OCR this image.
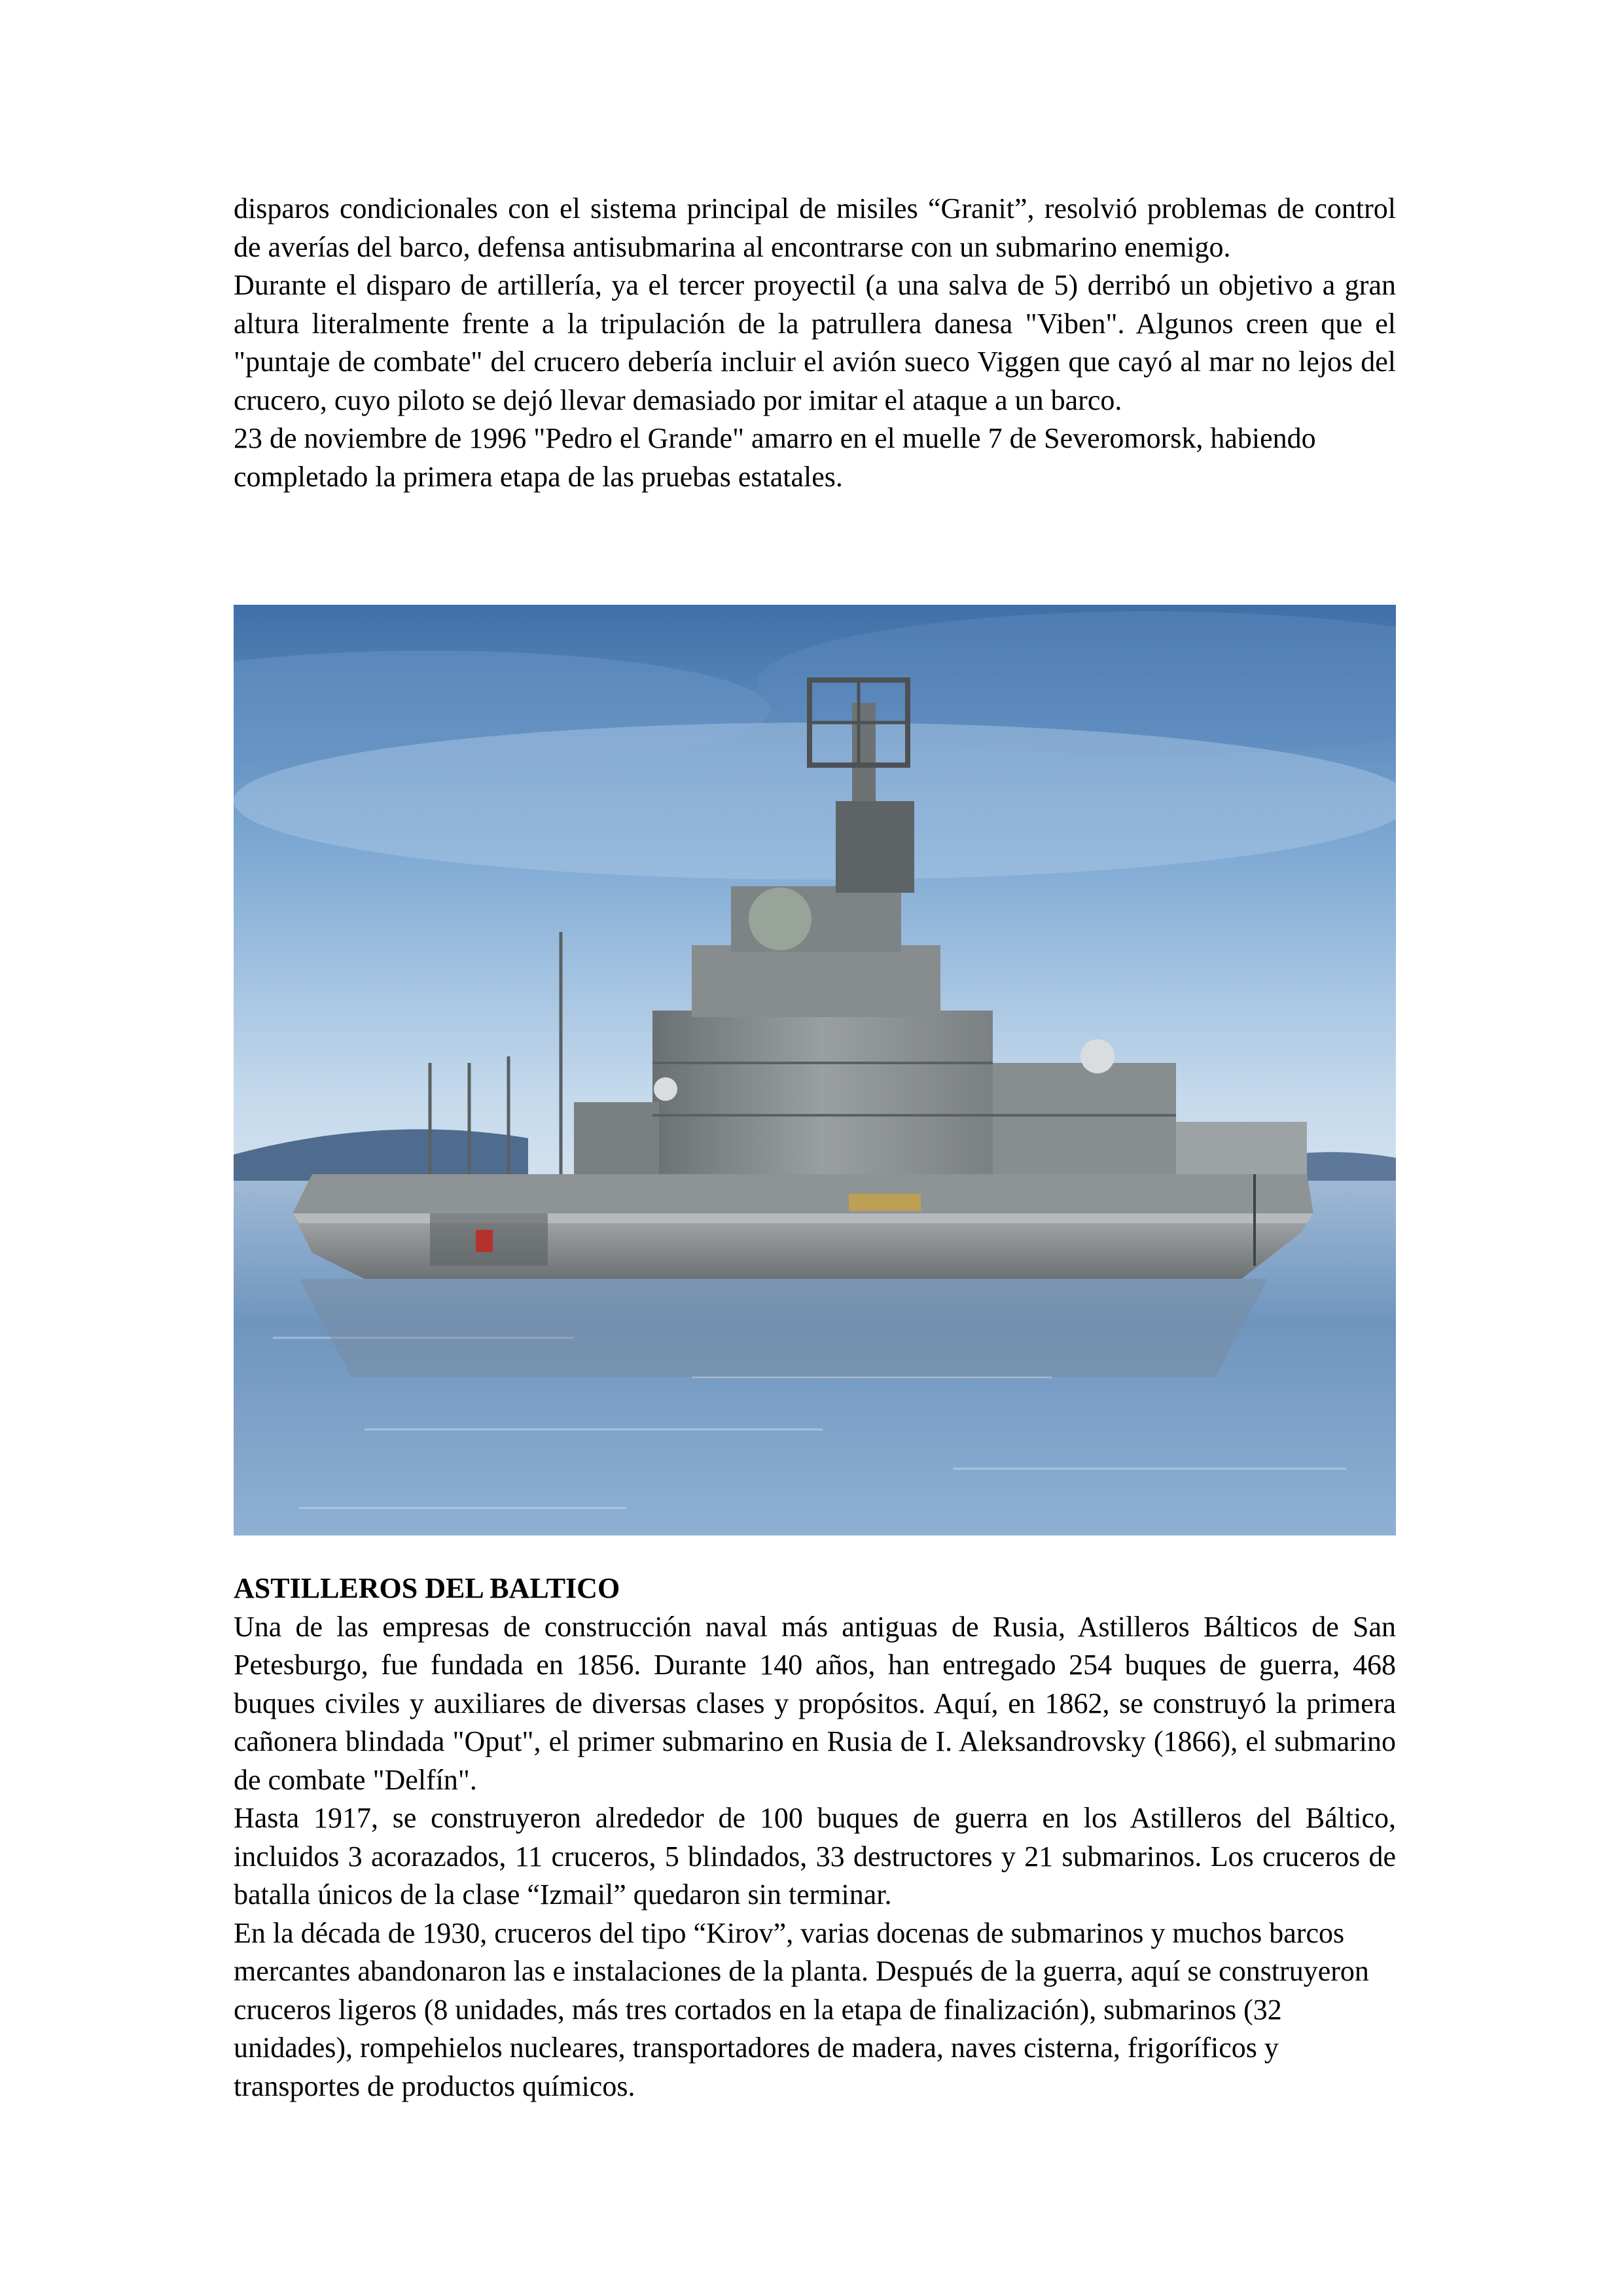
disparos condicionales con el sistema principal de misiles “Granit”, resolvió problemas de control de averías del barco, defensa antisubmarina al encontrarse con un submarino enemigo.

Durante el disparo de artillería, ya el tercer proyectil (a una salva de 5) derribó un objetivo a gran altura literalmente frente a la tripulación de la patrullera danesa "Viben". Algunos creen que el "puntaje de combate" del crucero debería incluir el avión sueco Viggen que cayó al mar no lejos del crucero, cuyo piloto se dejó llevar demasiado por imitar el ataque a un barco.

23 de noviembre de 1996 "Pedro el Grande" amarro en el muelle 7 de Severomorsk, habiendo completado la primera etapa de las pruebas estatales.

ASTILLEROS DEL BALTICO

Una de las empresas de construcción naval más antiguas de Rusia, Astilleros Bálticos de San Petesburgo, fue fundada en 1856. Durante 140 años, han entregado 254 buques de guerra, 468 buques civiles y auxiliares de diversas clases y propósitos. Aquí, en 1862, se construyó la primera cañonera blindada "Oput", el primer submarino en Rusia de I. Aleksandrovsky (1866), el submarino de combate "Delfín".

Hasta 1917, se construyeron alrededor de 100 buques de guerra en los Astilleros del Báltico, incluidos 3 acorazados, 11 cruceros, 5 blindados, 33 destructores y 21 submarinos. Los cruceros de batalla únicos de la clase “Izmail” quedaron sin terminar.

En la década de 1930, cruceros del tipo “Kirov”, varias docenas de submarinos y muchos barcos mercantes abandonaron las e instalaciones de la planta. Después de la guerra, aquí se construyeron cruceros ligeros (8 unidades, más tres cortados en la etapa de finalización), submarinos (32 unidades), rompehielos nucleares, transportadores de madera, naves cisterna, frigoríficos y transportes de productos químicos.
